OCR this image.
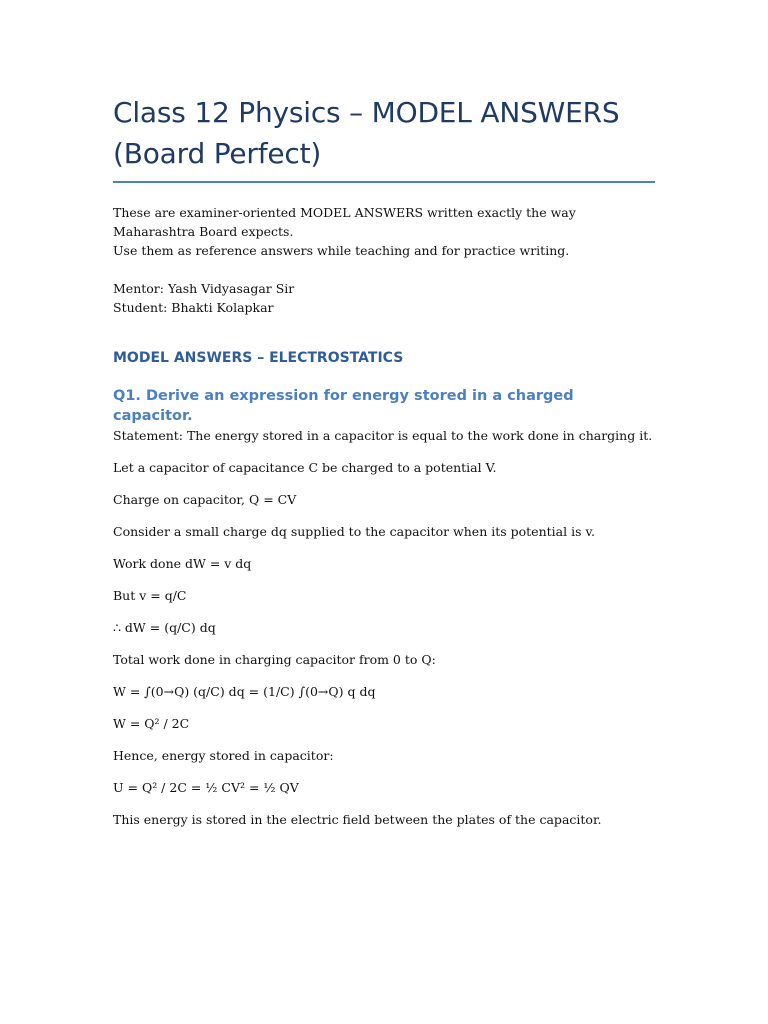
Class 12 Physics – MODEL ANSWERS
(Board Perfect)

These are examiner-oriented MODEL ANSWERS written exactly the way Maharashtra Board expects.

Use them as reference answers while teaching and for practice writing.

Mentor: Yash Vidyasagar Sir

Student: Bhakti Kolapkar

MODEL ANSWERS – ELECTROSTATICS
Q1. Derive an expression for energy stored in a charged capacitor.

Statement: The energy stored in a capacitor is equal to the work done in charging it.

Let a capacitor of capacitance C be charged to a potential V.

Charge on capacitor, Q = CV

Consider a small charge dq supplied to the capacitor when its potential is v.

Work done dW = v dq

But v = q/C

∴ dW = (q/C) dq

Total work done in charging capacitor from 0 to Q:

W = ∫(0→Q) (q/C) dq = (1/C) ∫(0→Q) q dq

W = Q² / 2C

Hence, energy stored in capacitor:

U = Q² / 2C = ½ CV² = ½ QV

This energy is stored in the electric field between the plates of the capacitor.
